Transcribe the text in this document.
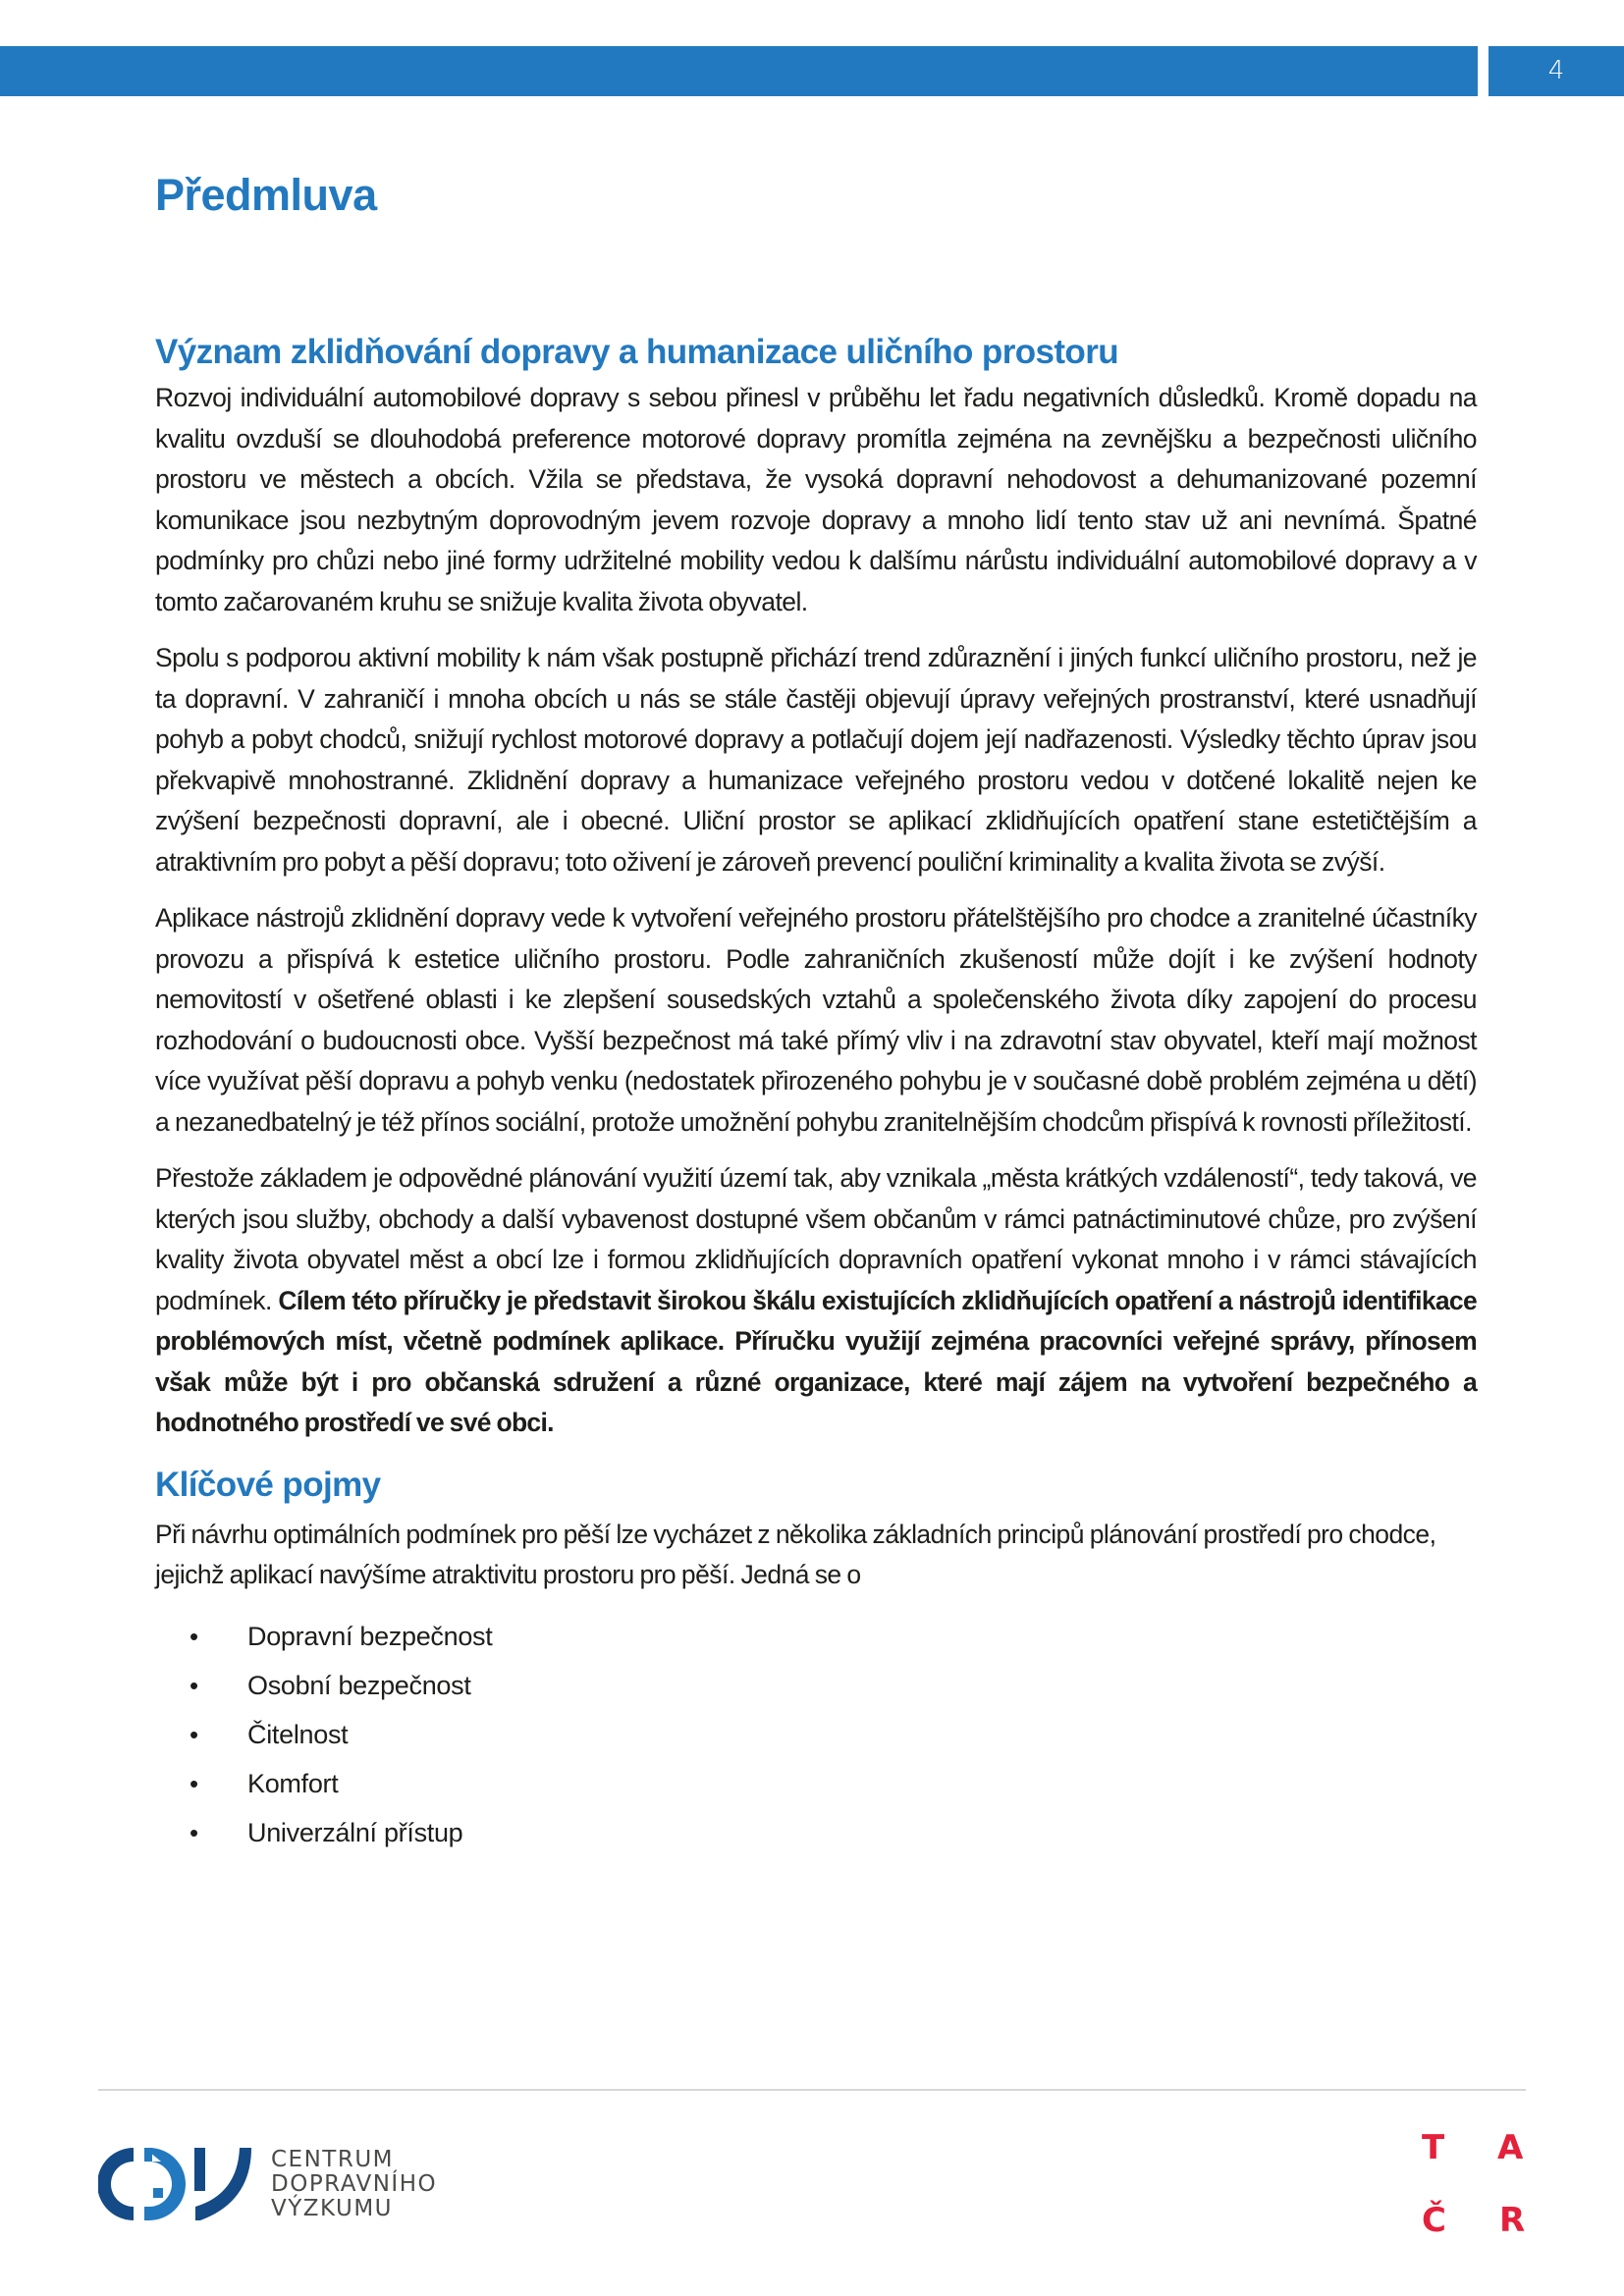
4
Předmluva
Význam zklidňování dopravy a humanizace uličního prostoru

Rozvoj individuální automobilové dopravy s sebou přinesl v průběhu let řadu negativních důsledků. Kromě dopadu na kvalitu ovzduší se dlouhodobá preference motorové dopravy promítla zejména na zevnějšku a bezpečnosti uličního prostoru ve městech a obcích. Vžila se představa, že vysoká dopravní nehodovost a dehumanizované pozemní komunikace jsou nezbytným doprovodným jevem rozvoje dopravy a mnoho lidí tento stav už ani nevnímá. Špatné podmínky pro chůzi nebo jiné formy udržitelné mobility vedou k dalšímu nárůstu individuální automobilové dopravy a v tomto začarovaném kruhu se snižuje kvalita života obyvatel.

Spolu s podporou aktivní mobility k nám však postupně přichází trend zdůraznění i jiných funkcí uličního prostoru, než je ta dopravní. V zahraničí i mnoha obcích u nás se stále častěji objevují úpravy veřejných prostranství, které usnadňují pohyb a pobyt chodců, snižují rychlost motorové dopravy a potlačují dojem její nadřazenosti. Výsledky těchto úprav jsou překvapivě mnohostranné. Zklidnění dopravy a humanizace veřejného prostoru vedou v dotčené lokalitě nejen ke zvýšení bezpečnosti dopravní, ale i obecné. Uliční prostor se aplikací zklidňujících opatření stane estetičtějším a atraktivním pro pobyt a pěší dopravu; toto oživení je zároveň prevencí pouliční kriminality a kvalita života se zvýší.

Aplikace nástrojů zklidnění dopravy vede k vytvoření veřejného prostoru přátelštějšího pro chodce a zranitelné účastníky provozu a přispívá k estetice uličního prostoru. Podle zahraničních zkušeností může dojít i ke zvýšení hodnoty nemovitostí v ošetřené oblasti i ke zlepšení sousedských vztahů a společenského života díky zapojení do procesu rozhodování o budoucnosti obce. Vyšší bezpečnost má také přímý vliv i na zdravotní stav obyvatel, kteří mají možnost více využívat pěší dopravu a pohyb venku (nedostatek přirozeného pohybu je v současné době problém zejména u dětí) a nezanedbatelný je též přínos sociální, protože umožnění pohybu zranitelnějším chodcům přispívá k rovnosti příležitostí.

Přestože základem je odpovědné plánování využití území tak, aby vznikala „města krátkých vzdáleností“, tedy taková, ve kterých jsou služby, obchody a další vybavenost dostupné všem občanům v rámci patnáctiminutové chůze, pro zvýšení kvality života obyvatel měst a obcí lze i formou zklidňujících dopravních opatření vykonat mnoho i v rámci stávajících podmínek. Cílem této příručky je představit širokou škálu existujících zklidňujících opatření a nástrojů identifikace problémových míst, včetně podmínek aplikace. Příručku využijí zejména pracovníci veřejné správy, přínosem však může být i pro občanská sdružení a různé organizace, které mají zájem na vytvoření bezpečného a hodnotného prostředí ve své obci.

Klíčové pojmy

Při návrhu optimálních podmínek pro pěší lze vycházet z několika základních principů plánování prostředí pro chodce, jejichž aplikací navýšíme atraktivitu prostoru pro pěší. Jedná se o

• Dopravní bezpečnost
• Osobní bezpečnost
• Čitelnost
• Komfort
• Univerzální přístup
CENTRUM
DOPRAVNÍHO
VÝZKUMU
T A
Č R
